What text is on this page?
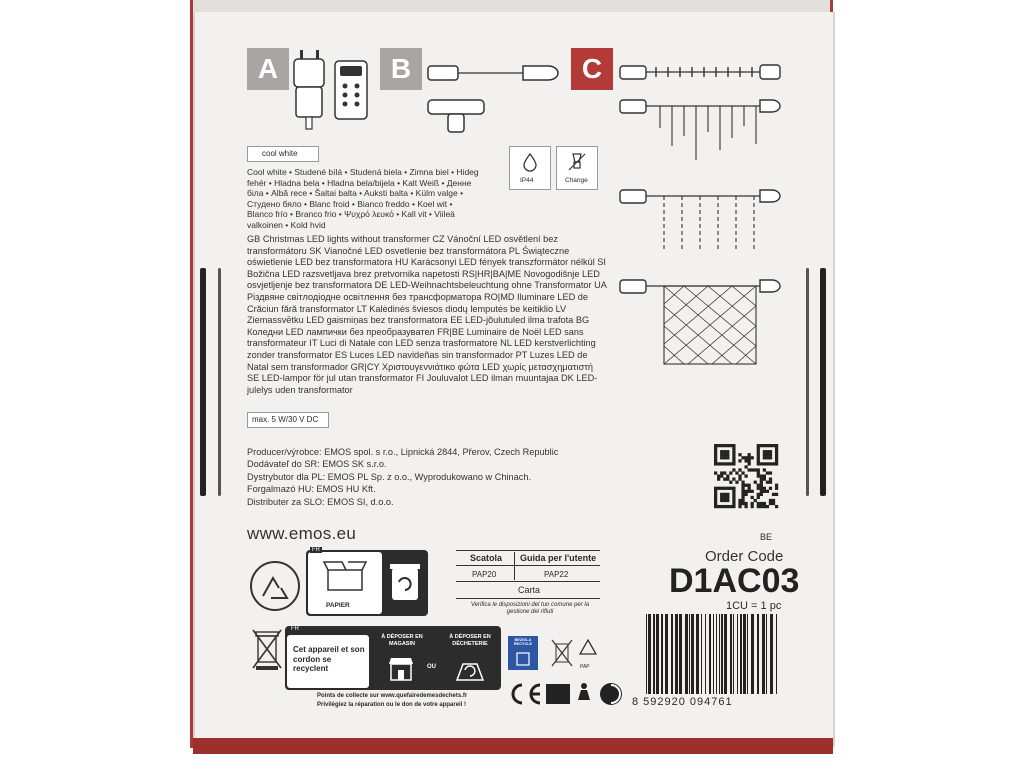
A	B	C
cool white
Cool white • Studené bílá • Studená biela • Zimna biel • Hideg fehér • Hladna bela • Hladna bela/bijela • Kalt Weiß • Денне біла • Albă rece • Šaltai balta • Auksti balta • Külm valge • Студено бяло • Blanc froid • Bianco freddo • Koel wit • Blanco frío • Branco frio • Ψυχρό λευκό • Kall vit • Viileä valkoinen • Kold hvid
IP44	Change
GB Christmas LED lights without transformer CZ Vánoční LED osvětlení bez transformátoru SK Vianočné LED osvetlenie bez transformátora PL Świąteczne oświetlenie LED bez transformatora HU Karácsonyi LED fények transzformátor nélkül SI Božična LED razsvetljava brez pretvornika napetosti RS|HR|BA|ME Novogodišnje LED osvjetljenje bez transformatora DE LED-Weihnachtsbeleuchtung ohne Transformator UA Різдвяне світлодіодне освітлення без трансформатора RO|MD Iluminare LED de Crăciun fără transformator LT Kalėdinės šviesos diodų lemputės be keitiklio LV Ziemassvētku LED gaismiņas bez transformatora EE LED-jõulutuled ilma trafota BG Коледни LED лампички без преобразувател FR|BE Luminaire de Noël LED sans transformateur IT Luci di Natale con LED senza trasformatore NL LED kerstverlichting zonder transformator ES Luces LED navideñas sin transformador PT Luzes LED de Natal sem transformador GR|CY Χριστουγεννιάτικο φώτα LED χωρίς μετασχηματιστή SE LED-lampor för jul utan transformator FI Jouluvalot LED ilman muuntajaa DK LED-julelys uden transformator
max. 5 W/30 V DC
Producer/výrobce: EMOS spol. s r.o., Lipnická 2844, Přerov, Czech Republic
Dodávateľ do SR: EMOS SK s.r.o.
Dystrybutor dla PL: EMOS PL Sp. z o.o., Wyprodukowano w Chinach.
Forgalmazó HU: EMOS HU Kft.
Distributer za SLO: EMOS SI, d.o.o.
www.emos.eu	BE
Order Code
D1AC03
1CU = 1 pc
8 592920 094761
PAPIER
FR
Scatola Guida per l'utente
PAP20	PAP22
Carta
Verifica le disposizioni del tuo comune per la gestione dei rifiuti
FR
Cet appareil et son cordon se recyclent
À DÉPOSER EN MAGASIN
OU
À DÉPOSER EN DÉCHETERIE
Points de collecte sur www.quefairedemesdechets.fr
Privilégiez la réparation ou le don de votre appareil !
BEZIGLA RECYCLE
PAP
